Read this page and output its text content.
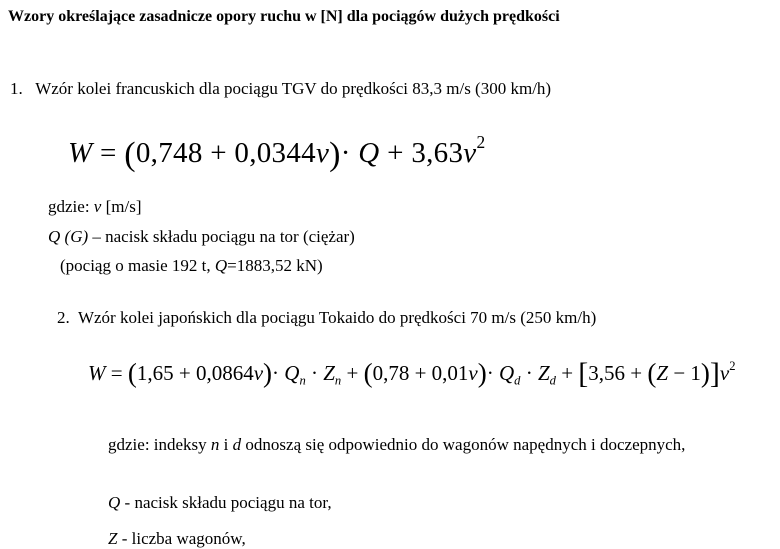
Wzory określające zasadnicze opory ruchu w [N] dla pociągów dużych prędkości
1. Wzór kolei francuskich dla pociągu TGV do prędkości 83,3 m/s (300 km/h)
$W = (0,748 + 0,0344v)\cdot Q + 3,63v^2$
gdzie: v [m/s]
Q (G) – nacisk składu pociągu na tor (ciężar)
(pociąg o masie 192 t, Q=1883,52 kN)
2. Wzór kolei japońskich dla pociągu Tokaido do prędkości 70 m/s (250 km/h)
$W = (1,65 + 0,0864v)\cdot Q_n \cdot Z_n + (0,78 + 0,01v)\cdot Q_d \cdot Z_d + [3,56 + (Z - 1)]v^2$
gdzie: indeksy n i d odnoszą się odpowiednio do wagonów napędnych i doczepnych,
Q - nacisk składu pociągu na tor,
Z - liczba wagonów,
